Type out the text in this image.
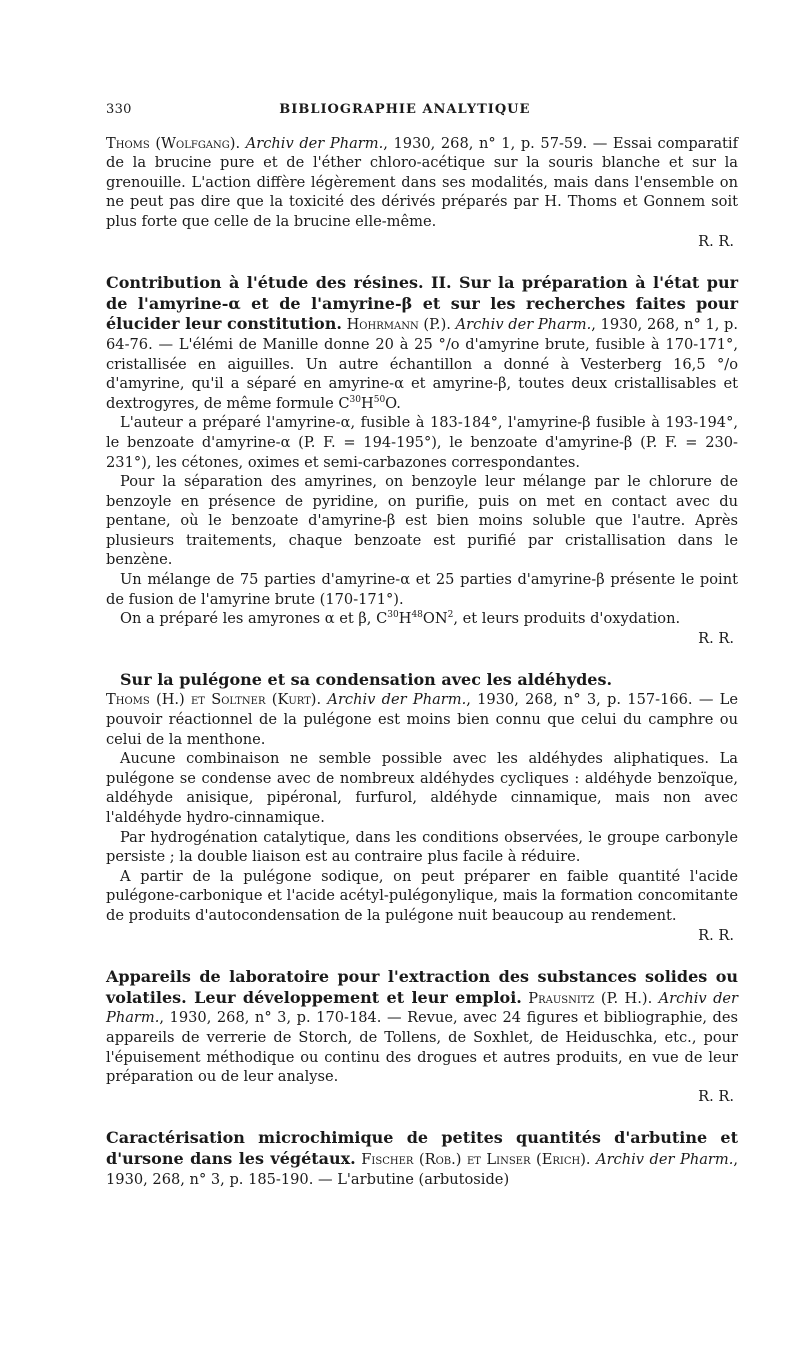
330	BIBLIOGRAPHIE ANALYTIQUE

Thoms (Wolfgang). Archiv der Pharm., 1930, 268, n° 1, p. 57-59. — Essai comparatif de la brucine pure et de l'éther chloro-acétique sur la souris blanche et sur la grenouille. L'action diffère légèrement dans ses modalités, mais dans l'ensemble on ne peut pas dire que la toxicité des dérivés préparés par H. Thoms et Gonnem soit plus forte que celle de la brucine elle-même.

R. R.

Contribution à l'étude des résines. II. Sur la préparation à l'état pur de l'amyrine-α et de l'amyrine-β et sur les recherches faites pour élucider leur constitution. Hohrmann (P.). Archiv der Pharm., 1930, 268, n° 1, p. 64-76. — L'élémi de Manille donne 20 à 25 °/o d'amyrine brute, fusible à 170-171°, cristallisée en aiguilles. Un autre échantillon a donné à Vesterberg 16,5 °/o d'amyrine, qu'il a séparé en amyrine-α et amyrine-β, toutes deux cristallisables et dextrogyres, de même formule $C^{30}H^{50}O$.

L'auteur a préparé l'amyrine-α, fusible à 183-184°, l'amyrine-β fusible à 193-194°, le benzoate d'amyrine-α (P. F. = 194-195°), le benzoate d'amyrine-β (P. F. = 230-231°), les cétones, oximes et semi-carbazones correspondantes.

Pour la séparation des amyrines, on benzoyle leur mélange par le chlorure de benzoyle en présence de pyridine, on purifie, puis on met en contact avec du pentane, où le benzoate d'amyrine-β est bien moins soluble que l'autre. Après plusieurs traitements, chaque benzoate est purifié par cristallisation dans le benzène.

Un mélange de 75 parties d'amyrine-α et 25 parties d'amyrine-β présente le point de fusion de l'amyrine brute (170-171°).

On a préparé les amyrones α et β, $C^{30}H^{48}ON^2$, et leurs produits d'oxydation.

R. R.

Sur la pulégone et sa condensation avec les aldéhydes.

Thoms (H.) et Soltner (Kurt). Archiv der Pharm., 1930, 268, n° 3, p. 157-166. — Le pouvoir réactionnel de la pulégone est moins bien connu que celui du camphre ou celui de la menthone.

Aucune combinaison ne semble possible avec les aldéhydes aliphatiques. La pulégone se condense avec de nombreux aldéhydes cycliques : aldéhyde benzoïque, aldéhyde anisique, pipéronal, furfurol, aldéhyde cinnamique, mais non avec l'aldéhyde hydro-cinnamique.

Par hydrogénation catalytique, dans les conditions observées, le groupe carbonyle persiste ; la double liaison est au contraire plus facile à réduire.

A partir de la pulégone sodique, on peut préparer en faible quantité l'acide pulégone-carbonique et l'acide acétyl-pulégonylique, mais la formation concomitante de produits d'autocondensation de la pulégone nuit beaucoup au rendement.

R. R.

Appareils de laboratoire pour l'extraction des substances solides ou volatiles. Leur développement et leur emploi. Prausnitz (P. H.). Archiv der Pharm., 1930, 268, n° 3, p. 170-184. — Revue, avec 24 figures et bibliographie, des appareils de verrerie de Storch, de Tollens, de Soxhlet, de Heiduschka, etc., pour l'épuisement méthodique ou continu des drogues et autres produits, en vue de leur préparation ou de leur analyse.

R. R.

Caractérisation microchimique de petites quantités d'arbutine et d'ursone dans les végétaux. Fischer (Rob.) et Linser (Erich). Archiv der Pharm., 1930, 268, n° 3, p. 185-190. — L'arbutine (arbutoside)
